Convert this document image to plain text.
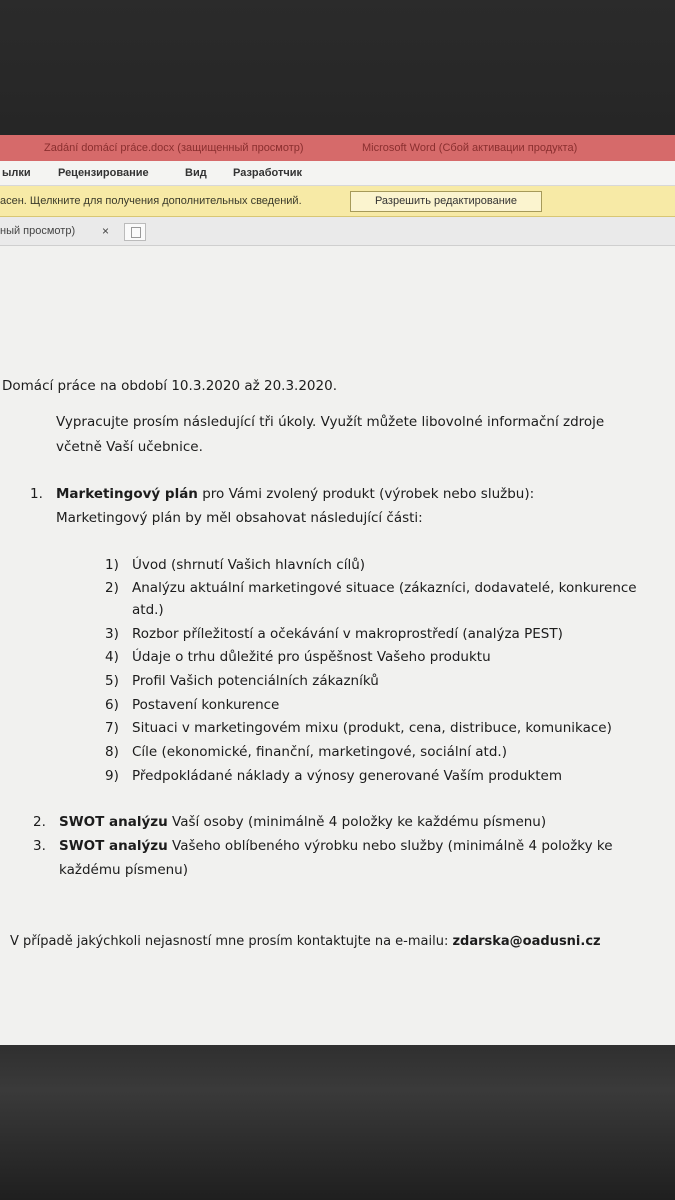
Zadání domácí práce.docx (защищенный просмотр)	Microsoft Word (Сбой активации продукта)
ылки Рецензирование	Вид Разработчик
асен. Щелкните для получения дополнительных сведений.	Разрешить редактирование
ный просмотр) ×
Domácí práce na období 10.3.2020 až 20.3.2020.
Vypracujte prosím následující tři úkoly. Využít můžete libovolné informační zdroje
včetně Vaší učebnice.
1. Marketingový plán pro Vámi zvolený produkt (výrobek nebo službu):
Marketingový plán by měl obsahovat následující části:
1) Úvod (shrnutí Vašich hlavních cílů)
2) Analýzu aktuální marketingové situace (zákazníci, dodavatelé, konkurence
atd.)
3) Rozbor příležitostí a očekávání v makroprostředí (analýza PEST)
4) Údaje o trhu důležité pro úspěšnost Vašeho produktu
5) Profil Vašich potenciálních zákazníků
6) Postavení konkurence
7) Situaci v marketingovém mixu (produkt, cena, distribuce, komunikace)
8) Cíle (ekonomické, finanční, marketingové, sociální atd.)
9) Předpokládané náklady a výnosy generované Vaším produktem
2. SWOT analýzu Vaší osoby (minimálně 4 položky ke každému písmenu)
3. SWOT analýzu Vašeho oblíbeného výrobku nebo služby (minimálně 4 položky ke
každému písmenu)
V případě jakýchkoli nejasností mne prosím kontaktujte na e-mailu: zdarska@oadusni.cz
